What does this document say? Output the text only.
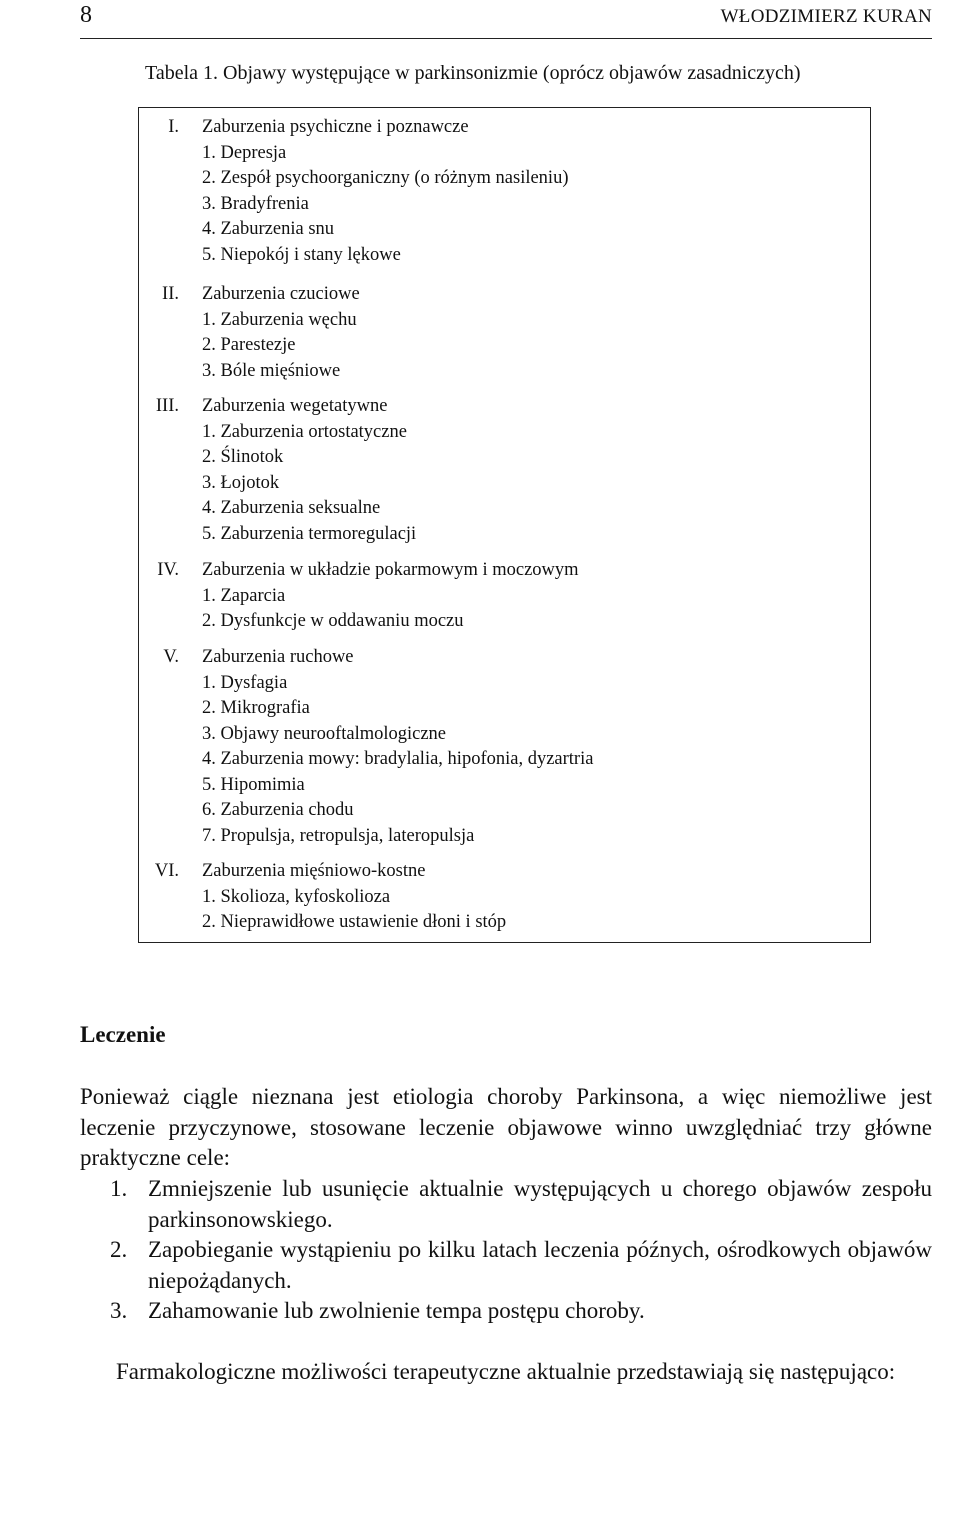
8	WŁODZIMIERZ KURAN
Tabela 1. Objawy występujące w parkinsonizmie (oprócz objawów zasadniczych)
I. Zaburzenia psychiczne i poznawcze
1. Depresja
2. Zespół psychoorganiczny (o różnym nasileniu)
3. Bradyfrenia
4. Zaburzenia snu
5. Niepokój i stany lękowe
II. Zaburzenia czuciowe
1. Zaburzenia węchu
2. Parestezje
3. Bóle mięśniowe
III. Zaburzenia wegetatywne
1. Zaburzenia ortostatyczne
2. Ślinotok
3. Łojotok
4. Zaburzenia seksualne
5. Zaburzenia termoregulacji
IV. Zaburzenia w układzie pokarmowym i moczowym
1. Zaparcia
2. Dysfunkcje w oddawaniu moczu
V. Zaburzenia ruchowe
1. Dysfagia
2. Mikrografia
3. Objawy neurooftalmologiczne
4. Zaburzenia mowy: bradylalia, hipofonia, dyzartria
5. Hipomimia
6. Zaburzenia chodu
7. Propulsja, retropulsja, lateropulsja
VI. Zaburzenia mięśniowo-kostne
1. Skolioza, kyfoskolioza
2. Nieprawidłowe ustawienie dłoni i stóp
Leczenie
Ponieważ ciągle nieznana jest etiologia choroby Parkinsona, a więc niemożliwe jest leczenie przyczynowe, stosowane leczenie objawowe winno uwzględniać trzy główne praktyczne cele:
1. Zmniejszenie lub usunięcie aktualnie występujących u chorego objawów zespołu parkinsonowskiego.
2. Zapobieganie wystąpieniu po kilku latach leczenia późnych, ośrodkowych objawów niepożądanych.
3. Zahamowanie lub zwolnienie tempa postępu choroby.
Farmakologiczne możliwości terapeutyczne aktualnie przedstawiają się następująco:
